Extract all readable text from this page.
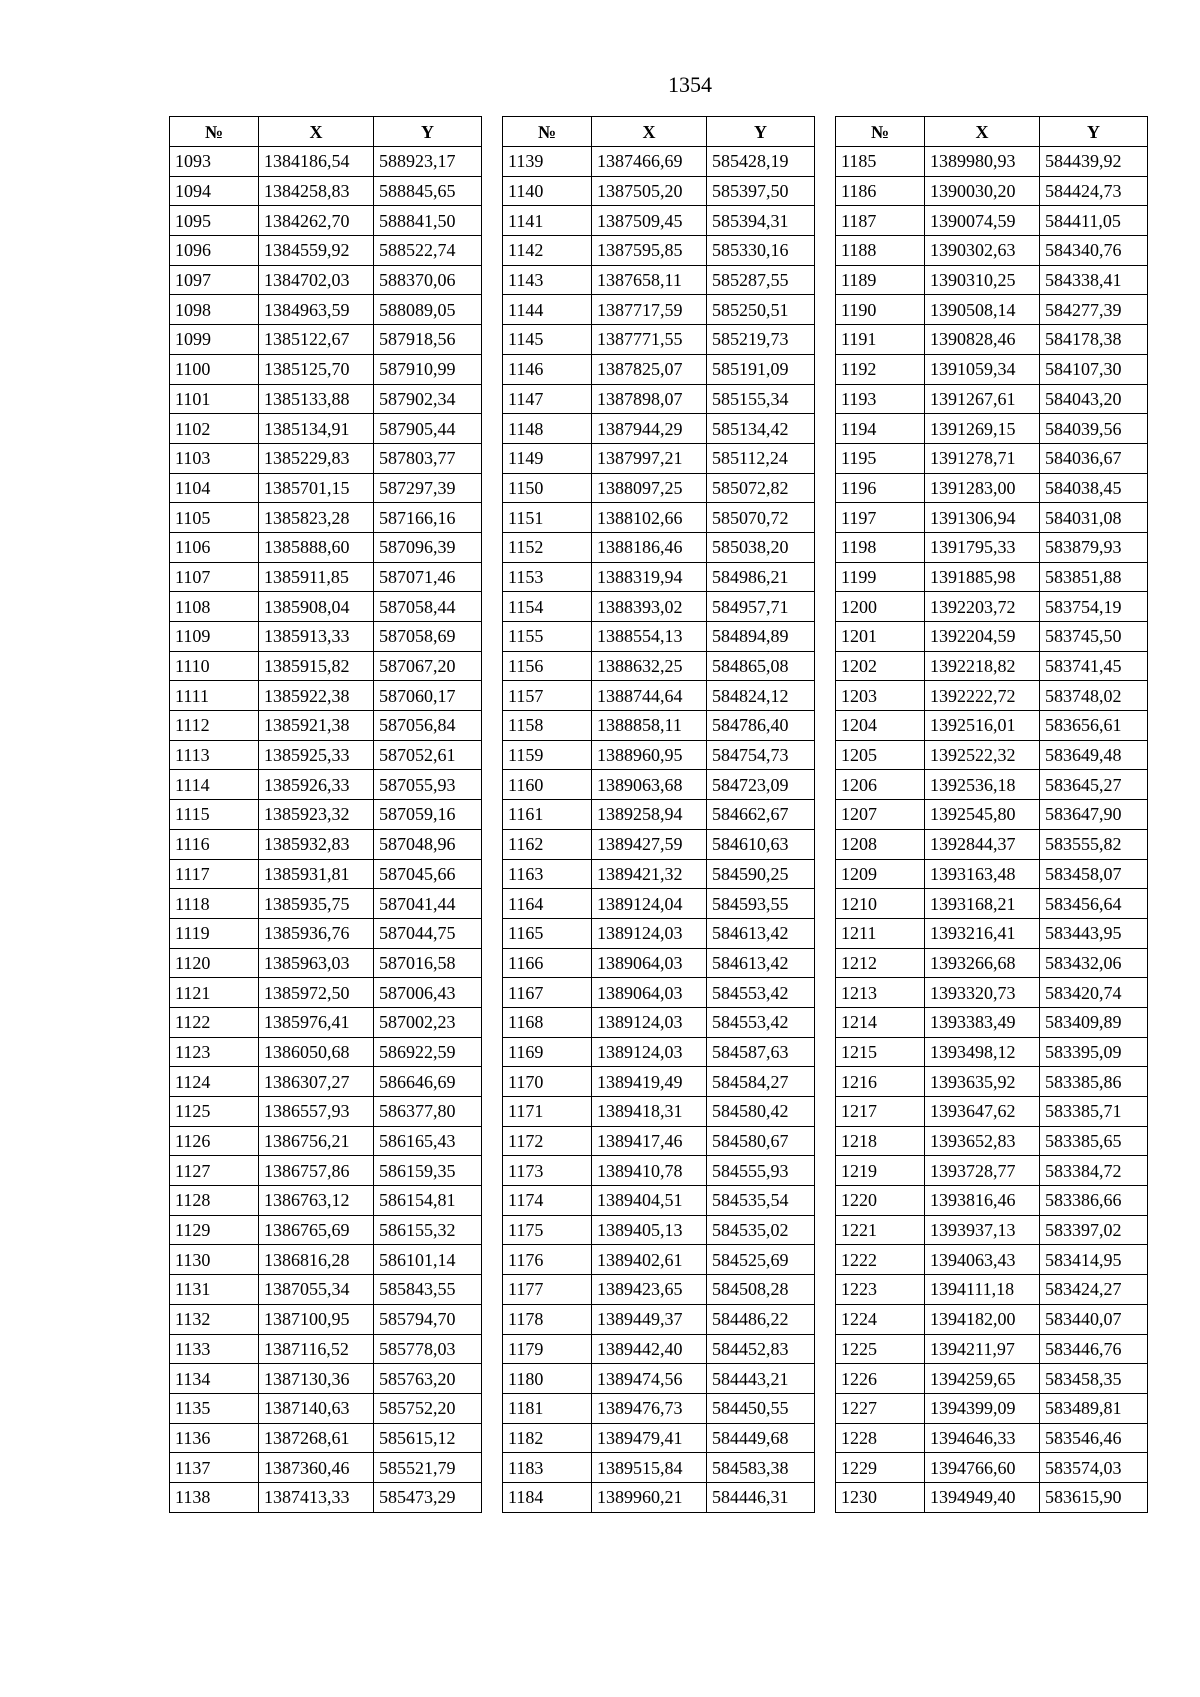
1354
№	X	Y
1093	1384186,54	588923,17
1094	1384258,83	588845,65
1095	1384262,70	588841,50
1096	1384559,92	588522,74
1097	1384702,03	588370,06
1098	1384963,59	588089,05
1099	1385122,67	587918,56
1100	1385125,70	587910,99
1101	1385133,88	587902,34
1102	1385134,91	587905,44
1103	1385229,83	587803,77
1104	1385701,15	587297,39
1105	1385823,28	587166,16
1106	1385888,60	587096,39
1107	1385911,85	587071,46
1108	1385908,04	587058,44
1109	1385913,33	587058,69
1110	1385915,82	587067,20
1111	1385922,38	587060,17
1112	1385921,38	587056,84
1113	1385925,33	587052,61
1114	1385926,33	587055,93
1115	1385923,32	587059,16
1116	1385932,83	587048,96
1117	1385931,81	587045,66
1118	1385935,75	587041,44
1119	1385936,76	587044,75
1120	1385963,03	587016,58
1121	1385972,50	587006,43
1122	1385976,41	587002,23
1123	1386050,68	586922,59
1124	1386307,27	586646,69
1125	1386557,93	586377,80
1126	1386756,21	586165,43
1127	1386757,86	586159,35
1128	1386763,12	586154,81
1129	1386765,69	586155,32
1130	1386816,28	586101,14
1131	1387055,34	585843,55
1132	1387100,95	585794,70
1133	1387116,52	585778,03
1134	1387130,36	585763,20
1135	1387140,63	585752,20
1136	1387268,61	585615,12
1137	1387360,46	585521,79
1138	1387413,33	585473,29
№	X	Y
1139	1387466,69	585428,19
1140	1387505,20	585397,50
1141	1387509,45	585394,31
1142	1387595,85	585330,16
1143	1387658,11	585287,55
1144	1387717,59	585250,51
1145	1387771,55	585219,73
1146	1387825,07	585191,09
1147	1387898,07	585155,34
1148	1387944,29	585134,42
1149	1387997,21	585112,24
1150	1388097,25	585072,82
1151	1388102,66	585070,72
1152	1388186,46	585038,20
1153	1388319,94	584986,21
1154	1388393,02	584957,71
1155	1388554,13	584894,89
1156	1388632,25	584865,08
1157	1388744,64	584824,12
1158	1388858,11	584786,40
1159	1388960,95	584754,73
1160	1389063,68	584723,09
1161	1389258,94	584662,67
1162	1389427,59	584610,63
1163	1389421,32	584590,25
1164	1389124,04	584593,55
1165	1389124,03	584613,42
1166	1389064,03	584613,42
1167	1389064,03	584553,42
1168	1389124,03	584553,42
1169	1389124,03	584587,63
1170	1389419,49	584584,27
1171	1389418,31	584580,42
1172	1389417,46	584580,67
1173	1389410,78	584555,93
1174	1389404,51	584535,54
1175	1389405,13	584535,02
1176	1389402,61	584525,69
1177	1389423,65	584508,28
1178	1389449,37	584486,22
1179	1389442,40	584452,83
1180	1389474,56	584443,21
1181	1389476,73	584450,55
1182	1389479,41	584449,68
1183	1389515,84	584583,38
1184	1389960,21	584446,31
№	X	Y
1185	1389980,93	584439,92
1186	1390030,20	584424,73
1187	1390074,59	584411,05
1188	1390302,63	584340,76
1189	1390310,25	584338,41
1190	1390508,14	584277,39
1191	1390828,46	584178,38
1192	1391059,34	584107,30
1193	1391267,61	584043,20
1194	1391269,15	584039,56
1195	1391278,71	584036,67
1196	1391283,00	584038,45
1197	1391306,94	584031,08
1198	1391795,33	583879,93
1199	1391885,98	583851,88
1200	1392203,72	583754,19
1201	1392204,59	583745,50
1202	1392218,82	583741,45
1203	1392222,72	583748,02
1204	1392516,01	583656,61
1205	1392522,32	583649,48
1206	1392536,18	583645,27
1207	1392545,80	583647,90
1208	1392844,37	583555,82
1209	1393163,48	583458,07
1210	1393168,21	583456,64
1211	1393216,41	583443,95
1212	1393266,68	583432,06
1213	1393320,73	583420,74
1214	1393383,49	583409,89
1215	1393498,12	583395,09
1216	1393635,92	583385,86
1217	1393647,62	583385,71
1218	1393652,83	583385,65
1219	1393728,77	583384,72
1220	1393816,46	583386,66
1221	1393937,13	583397,02
1222	1394063,43	583414,95
1223	1394111,18	583424,27
1224	1394182,00	583440,07
1225	1394211,97	583446,76
1226	1394259,65	583458,35
1227	1394399,09	583489,81
1228	1394646,33	583546,46
1229	1394766,60	583574,03
1230	1394949,40	583615,90
